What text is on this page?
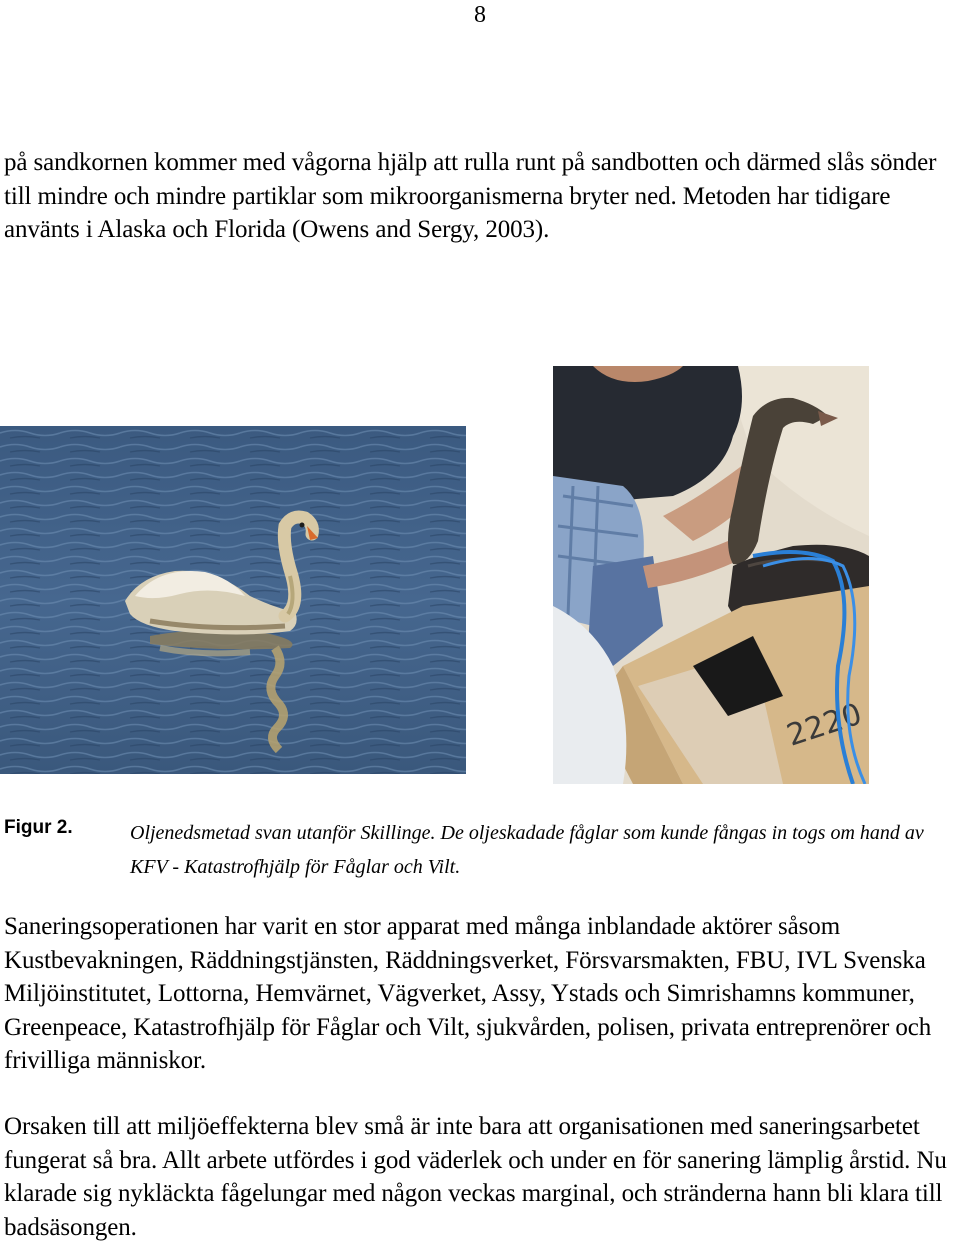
8

på sandkornen kommer med vågorna hjälp att rulla runt på sandbotten och därmed slås sönder till mindre och mindre partiklar som mikroorganismerna bryter ned. Metoden har tidigare använts i Alaska och Florida (Owens and Sergy, 2003).

2220
Figur 2.	Oljenedsmetad svan utanför Skillinge. De oljeskadade fåglar som kunde fångas in togs om hand av KFV - Katastrofhjälp för Fåglar och Vilt.

Saneringsoperationen har varit en stor apparat med många inblandade aktörer såsom Kustbevakningen, Räddningstjänsten, Räddningsverket, Försvarsmakten, FBU, IVL Svenska Miljöinstitutet, Lottorna, Hemvärnet, Vägverket, Assy, Ystads och Simrishamns kommuner, Greenpeace, Katastrofhjälp för Fåglar och Vilt, sjukvården, polisen, privata entreprenörer och frivilliga människor.

Orsaken till att miljöeffekterna blev små är inte bara att organisationen med saneringsarbetet fungerat så bra. Allt arbete utfördes i god väderlek och under en för sanering lämplig årstid. Nu klarade sig nykläckta fågelungar med någon veckas marginal, och stränderna hann bli klara till badsäsongen.
